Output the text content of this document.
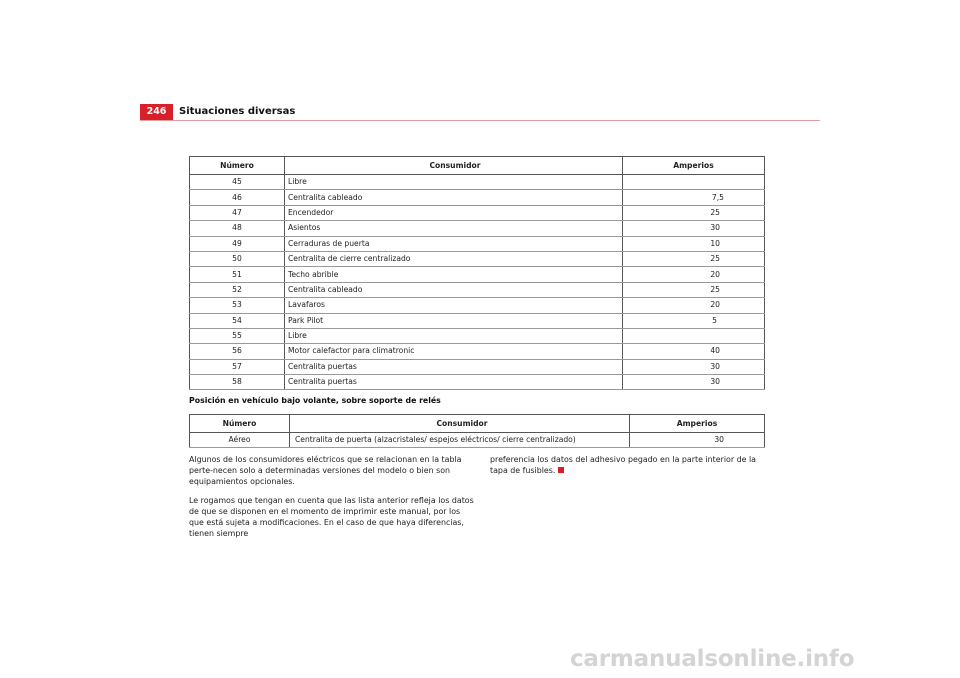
246	Situaciones diversas
Número	Consumidor	Amperios
45	Libre	
46	Centralita cableado	7,5
47	Encendedor	25
48	Asientos	30
49	Cerraduras de puerta	10
50	Centralita de cierre centralizado	25
51	Techo abrible	20
52	Centralita cableado	25
53	Lavafaros	20
54	Park Pilot	5
55	Libre	
56	Motor calefactor para climatronic	40
57	Centralita puertas	30
58	Centralita puertas	30
Posición en vehículo bajo volante, sobre soporte de relés
Número	Consumidor	Amperios
Aéreo	Centralita de puerta (alzacristales/ espejos eléctricos/ cierre centralizado)	30

Algunos de los consumidores eléctricos que se relacionan en la tabla perte-necen solo a determinadas versiones del modelo o bien son equipamientos opcionales.

Le rogamos que tengan en cuenta que las lista anterior refleja los datos de que se disponen en el momento de imprimir este manual, por los que está sujeta a modificaciones. En el caso de que haya diferencias, tienen siempre

preferencia los datos del adhesivo pegado en la parte interior de la tapa de fusibles.

carmanualsonline.info
